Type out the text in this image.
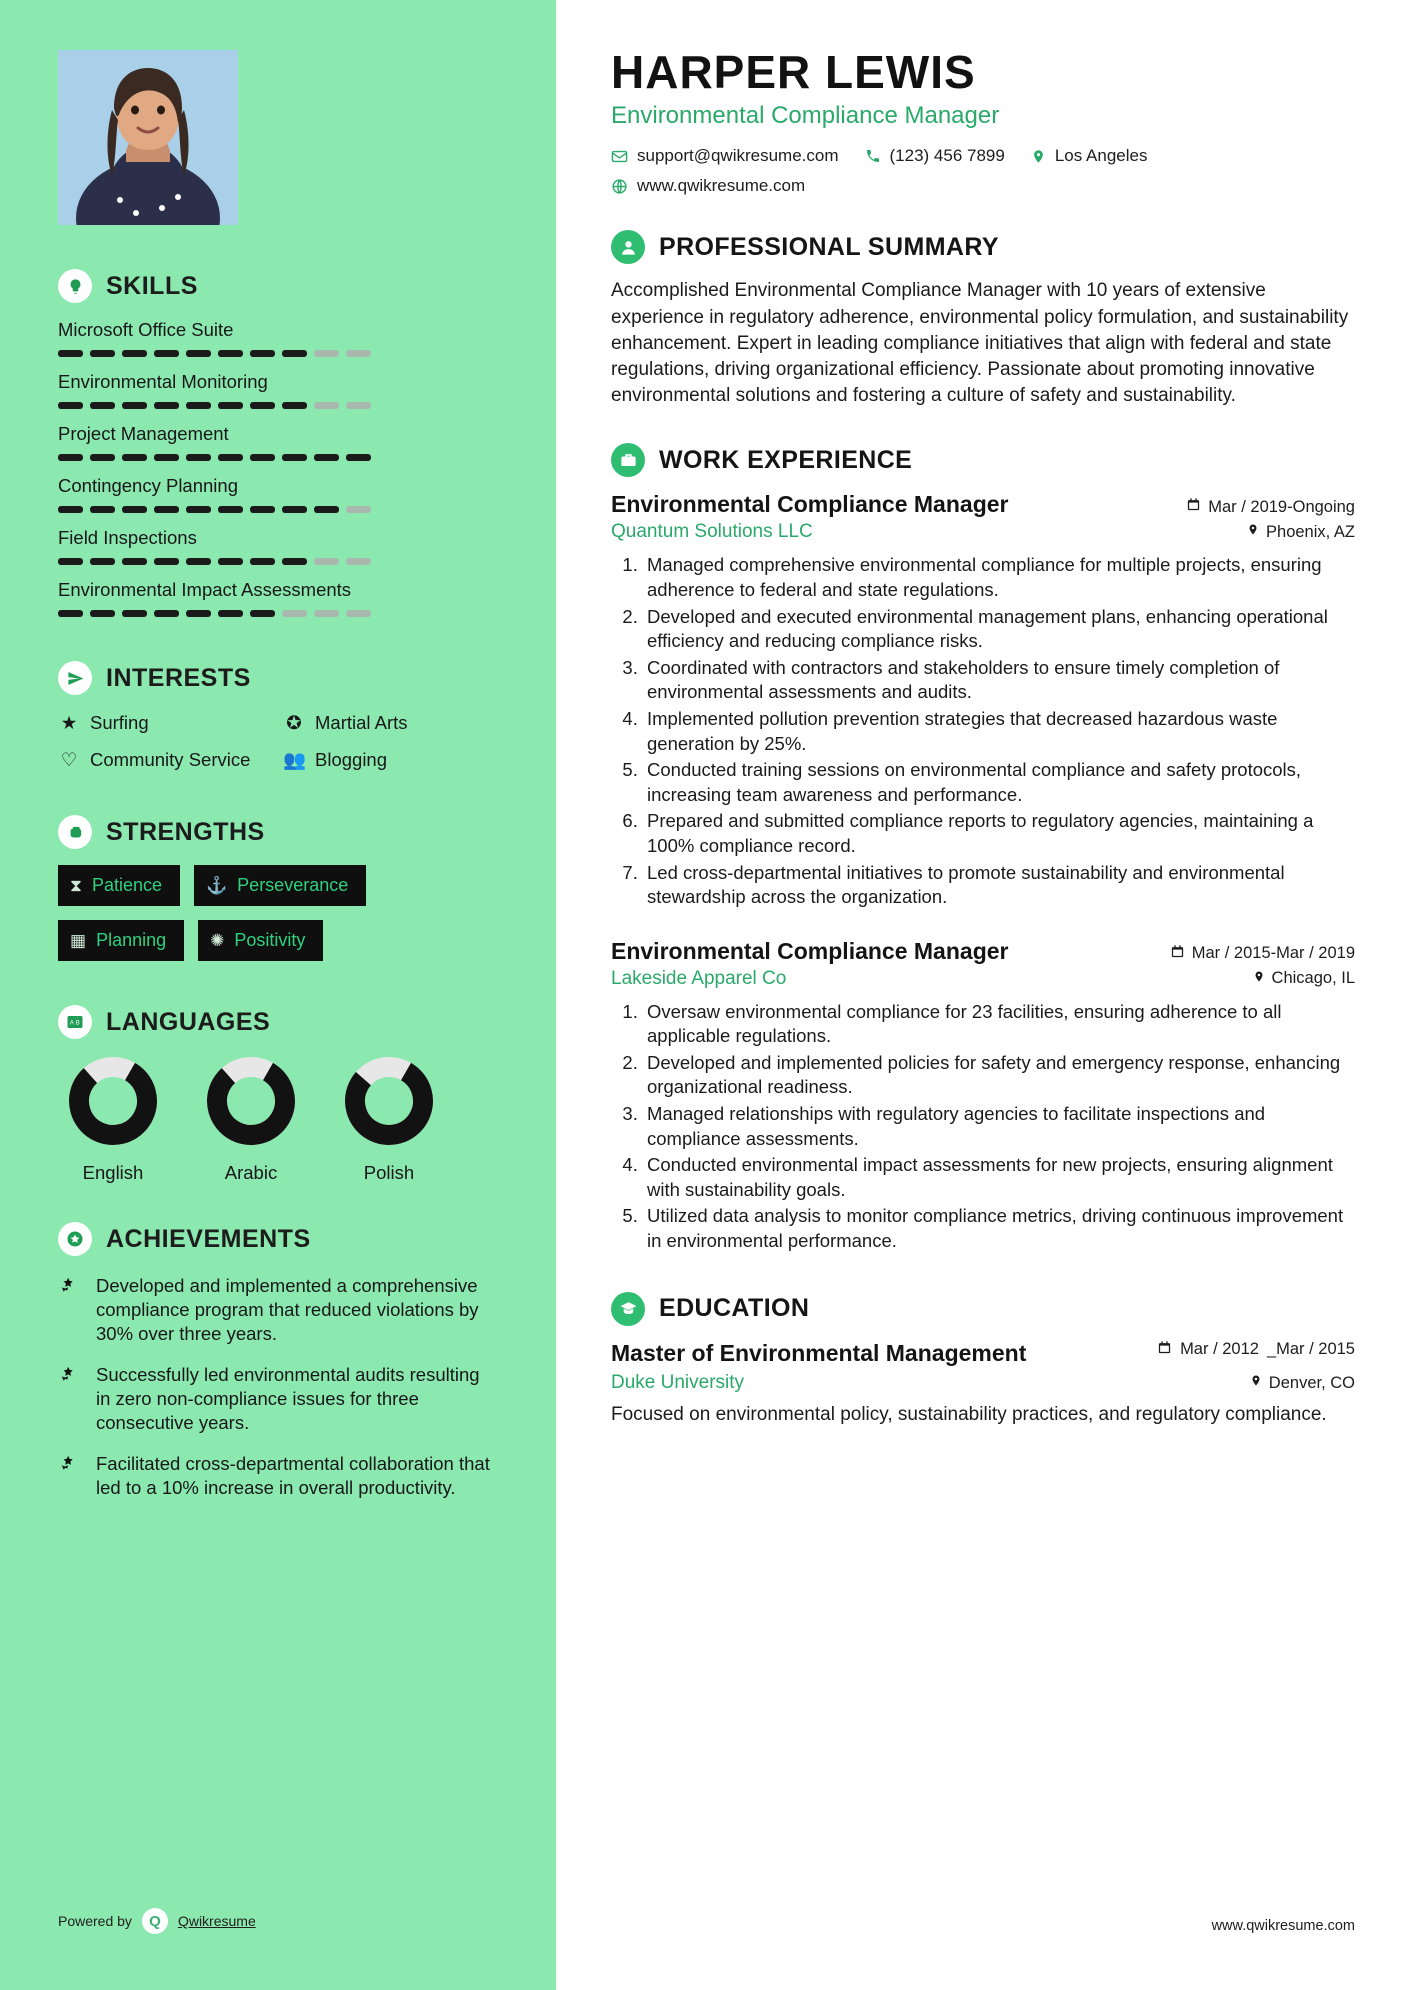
SKILLS
Microsoft Office Suite
Environmental Monitoring
Project Management
Contingency Planning
Field Inspections
Environmental Impact Assessments
INTERESTS
★ Surfing	✪ Martial Arts
♡ Community Service 👥 Blogging
STRENGTHS
⧗ Patience	⚓ Perseverance
▦ Planning	✺ Positivity
A B LANGUAGES
English	Arabic	Polish
ACHIEVEMENTS
Developed and implemented a comprehensive compliance program that reduced violations by 30% over three years.
Successfully led environmental audits resulting in zero non-compliance issues for three consecutive years.
Facilitated cross-departmental collaboration that led to a 10% increase in overall productivity.
Powered by	Q	Qwikresume
HARPER LEWIS
Environmental Compliance Manager
support@qwikresume.com	(123) 456 7899	Los Angeles
www.qwikresume.com
PROFESSIONAL SUMMARY

Accomplished Environmental Compliance Manager with 10 years of extensive experience in regulatory adherence, environmental policy formulation, and sustainability enhancement. Expert in leading compliance initiatives that align with federal and state regulations, driving organizational efficiency. Passionate about promoting innovative environmental solutions and fostering a culture of safety and sustainability.

WORK EXPERIENCE
Environmental Compliance Manager	Mar / 2019-Ongoing
Quantum Solutions LLC	Phoenix, AZ
1. Managed comprehensive environmental compliance for multiple projects, ensuring adherence to federal and state regulations.
2. Developed and executed environmental management plans, enhancing operational efficiency and reducing compliance risks.
3. Coordinated with contractors and stakeholders to ensure timely completion of environmental assessments and audits.
4. Implemented pollution prevention strategies that decreased hazardous waste generation by 25%.
5. Conducted training sessions on environmental compliance and safety protocols, increasing team awareness and performance.
6. Prepared and submitted compliance reports to regulatory agencies, maintaining a 100% compliance record.
7. Led cross-departmental initiatives to promote sustainability and environmental stewardship across the organization.
Environmental Compliance Manager	Mar / 2015-Mar / 2019
Lakeside Apparel Co	Chicago, IL
1. Oversaw environmental compliance for 23 facilities, ensuring adherence to all applicable regulations.
2. Developed and implemented policies for safety and emergency response, enhancing organizational readiness.
3. Managed relationships with regulatory agencies to facilitate inspections and compliance assessments.
4. Conducted environmental impact assessments for new projects, ensuring alignment with sustainability goals.
5. Utilized data analysis to monitor compliance metrics, driving continuous improvement in environmental performance.
EDUCATION
Master of Environmental Management	Mar / 2012 _Mar / 2015
Duke University	Denver, CO

Focused on environmental policy, sustainability practices, and regulatory compliance.

www.qwikresume.com
